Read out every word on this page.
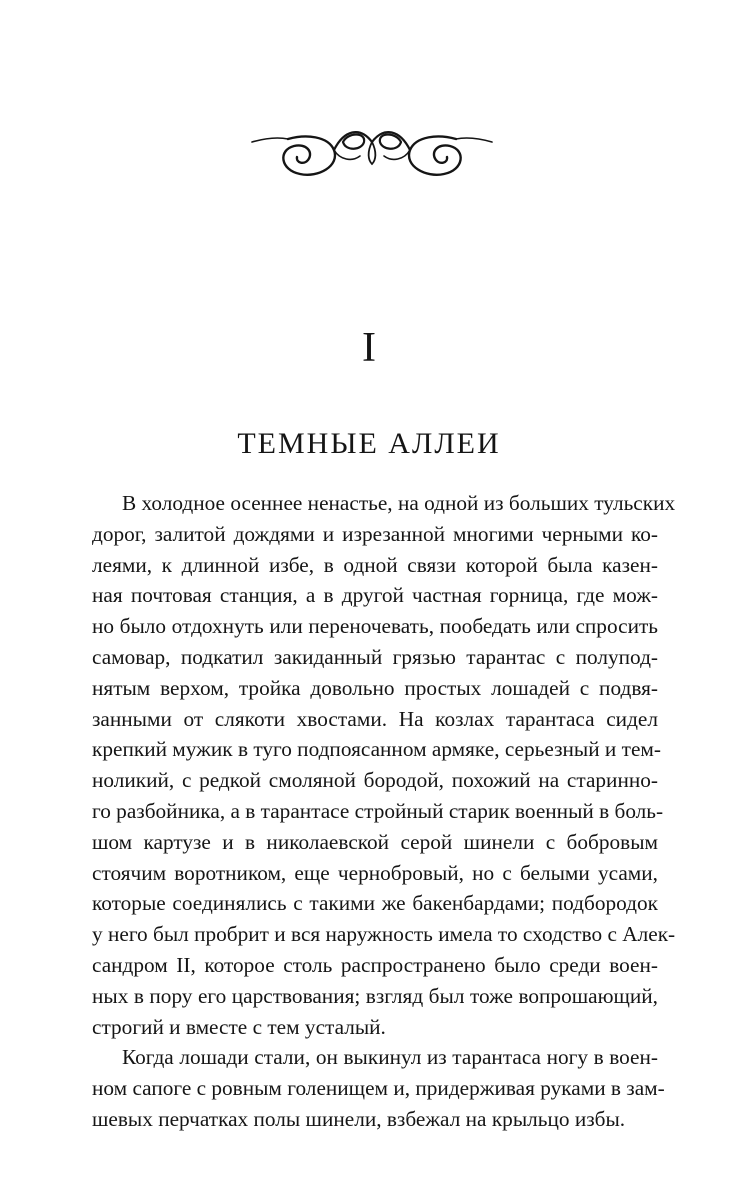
I
ТЕМНЫЕ АЛЛЕИ
В холодное осеннее ненастье, на одной из больших тульских
дорог, залитой дождями и изрезанной многими черными ко-
леями, к длинной избе, в одной связи которой была казен-
ная почтовая станция, а в другой частная горница, где мож-
но было отдохнуть или переночевать, пообедать или спросить
самовар, подкатил закиданный грязью тарантас с полупод-
нятым верхом, тройка довольно простых лошадей с подвя-
занными от слякоти хвостами. На козлах тарантаса сидел
крепкий мужик в туго подпоясанном армяке, серьезный и тем-
ноликий, с редкой смоляной бородой, похожий на старинно-
го разбойника, а в тарантасе стройный старик военный в боль-
шом картузе и в николаевской серой шинели с бобровым
стоячим воротником, еще чернобровый, но с белыми усами,
которые соединялись с такими же бакенбардами; подбородок
у него был пробрит и вся наружность имела то сходство с Алек-
сандром II, которое столь распространено было среди воен-
ных в пору его царствования; взгляд был тоже вопрошающий,
строгий и вместе с тем усталый.
Когда лошади стали, он выкинул из тарантаса ногу в воен-
ном сапоге с ровным голенищем и, придерживая руками в зам-
шевых перчатках полы шинели, взбежал на крыльцо избы.
